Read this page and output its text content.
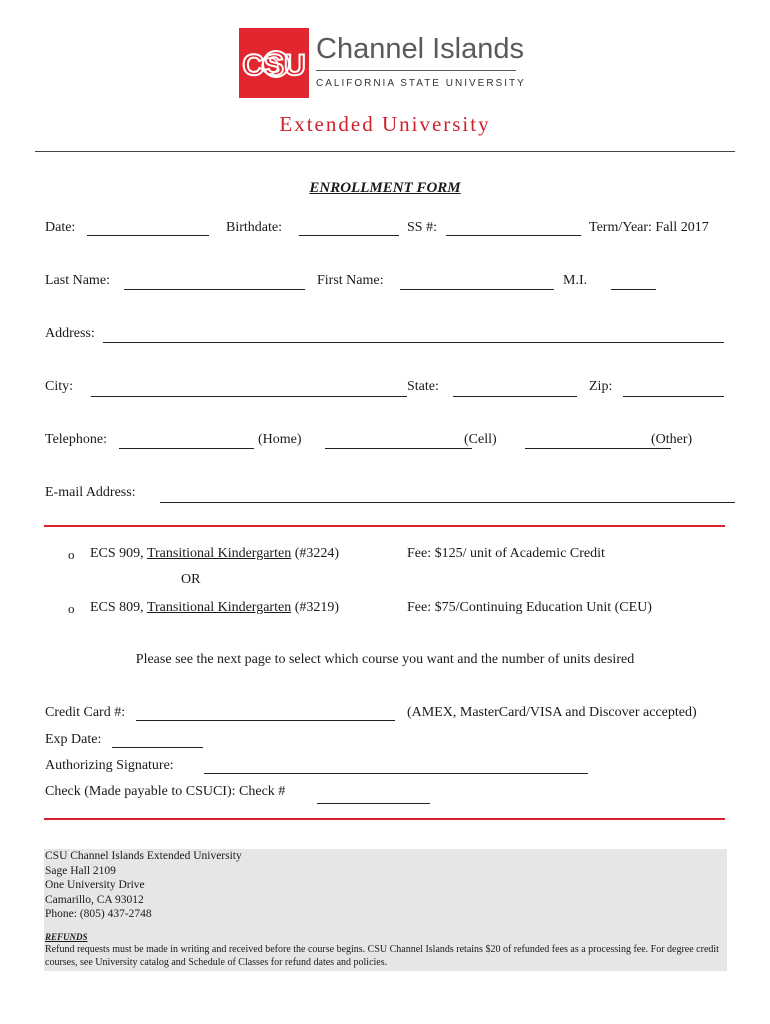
CSU Channel Islands
CALIFORNIA STATE UNIVERSITY
Extended University
ENROLLMENT FORM
Date:	Birthdate:	SS #:	Term/Year: Fall 2017
Last Name:	First Name:	M.I.
Address:
City:	State:	Zip:
Telephone:	(Home)	(Cell)	(Other)
E-mail Address:
o ECS 909, Transitional Kindergarten (#3224)	Fee: $125/ unit of Academic Credit
OR
o ECS 809, Transitional Kindergarten (#3219)	Fee: $75/Continuing Education Unit (CEU)
Please see the next page to select which course you want and the number of units desired
Credit Card #:	(AMEX, MasterCard/VISA and Discover accepted)
Exp Date:
Authorizing Signature:
Check (Made payable to CSUCI): Check #
CSU Channel Islands Extended University
Sage Hall 2109
One University Drive
Camarillo, CA 93012
Phone: (805) 437-2748
REFUNDS
Refund requests must be made in writing and received before the course begins. CSU Channel Islands retains $20 of refunded fees as a processing fee. For degree credit courses, see University catalog and Schedule of Classes for refund dates and policies.
